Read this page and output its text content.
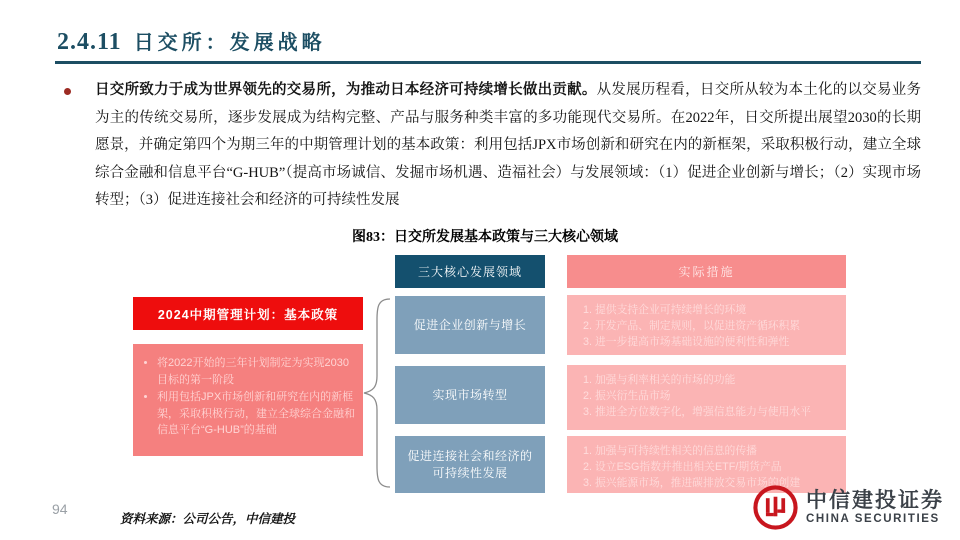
2.4.11 日交所：发展战略

日交所致力于成为世界领先的交易所，为推动日本经济可持续增长做出贡献。从发展历程看，日交所从较为本土化的以交易业务为主的传统交易所，逐步发展成为结构完整、产品与服务种类丰富的多功能现代交易所。在2022年，日交所提出展望2030的长期愿景，并确定第四个为期三年的中期管理计划的基本政策：利用包括JPX市场创新和研究在内的新框架，采取积极行动，建立全球综合金融和信息平台“G-HUB”（提高市场诚信、发掘市场机遇、造福社会）与发展领域：（1）促进企业创新与增长；（2）实现市场转型；（3）促进连接社会和经济的可持续性发展

图83：日交所发展基本政策与三大核心领域
三大核心发展领域	实际措施
2024中期管理计划：基本政策
• 将2022开始的三年计划制定为实现2030目标的第一阶段
• 利用包括JPX市场创新和研究在内的新框架，采取积极行动，建立全球综合金融和信息平台“G-HUB”的基础
促进企业创新与增长
实现市场转型
促进连接社会和经济的可持续性发展
1. 提供支持企业可持续增长的环境
2. 开发产品、制定规则，以促进资产循环积累
3. 进一步提高市场基础设施的便利性和弹性
1. 加强与利率相关的市场的功能
2. 振兴衍生品市场
3. 推进全方位数字化，增强信息能力与使用水平
1. 加强与可持续性相关的信息的传播
2. 设立ESG指数并推出相关ETF/期货产品
3. 振兴能源市场，推进碳排放交易市场的创建
94
资料来源：公司公告，中信建投
中信建投证券
CHINA SECURITIES
